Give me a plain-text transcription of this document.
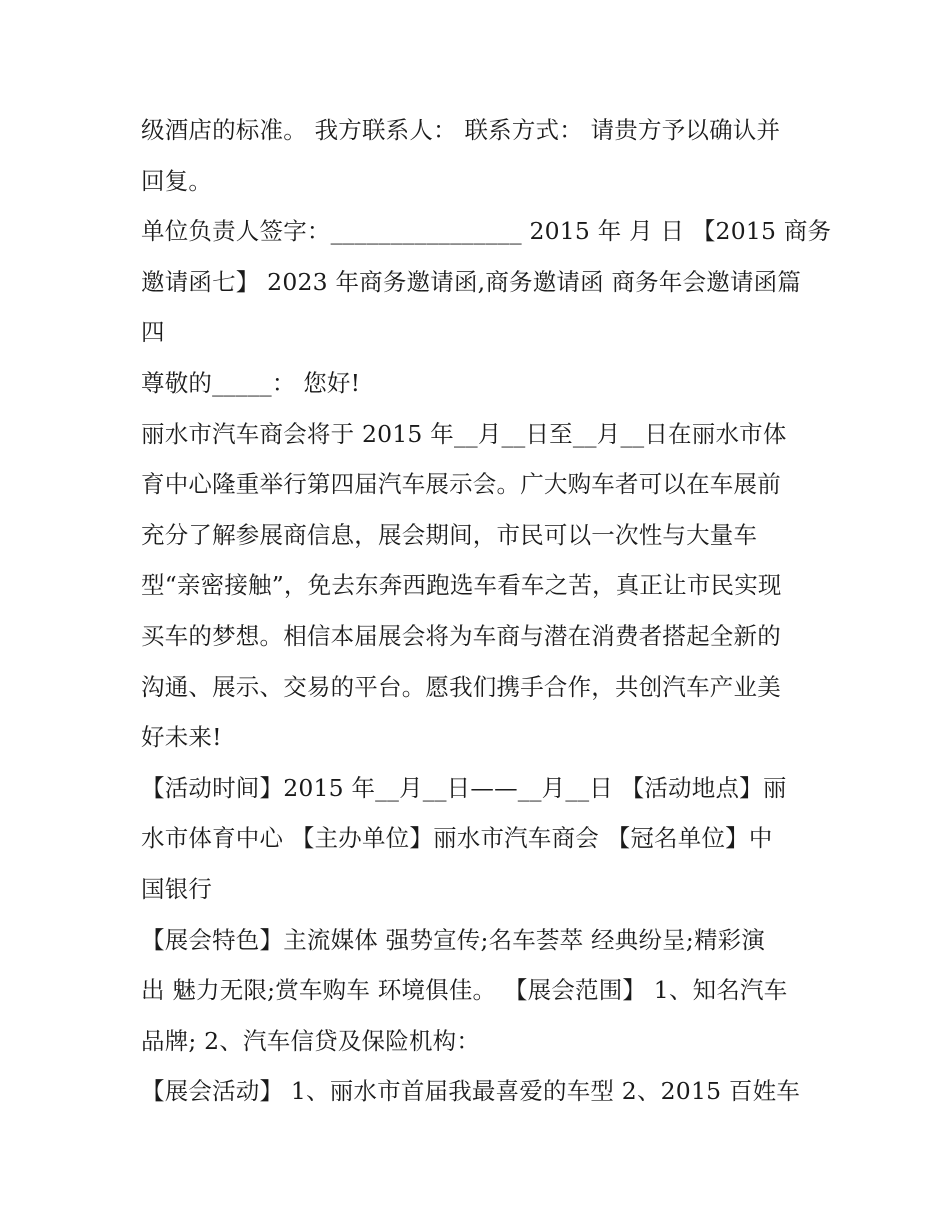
级酒店的标准。 我方联系人： 联系方式： 请贵方予以确认并
回复。
单位负责人签字：________________ 2015 年 月 日 【2015 商务
邀请函七】 2023 年商务邀请函,商务邀请函 商务年会邀请函篇
四
尊敬的_____： 您好!
丽水市汽车商会将于 2015 年__月__日至__月__日在丽水市体
育中心隆重举行第四届汽车展示会。广大购车者可以在车展前
充分了解参展商信息，展会期间，市民可以一次性与大量车
型“亲密接触”，免去东奔西跑选车看车之苦，真正让市民实现
买车的梦想。相信本届展会将为车商与潜在消费者搭起全新的
沟通、展示、交易的平台。愿我们携手合作，共创汽车产业美
好未来!
【活动时间】2015 年__月__日——__月__日 【活动地点】丽
水市体育中心 【主办单位】丽水市汽车商会 【冠名单位】中
国银行
【展会特色】主流媒体 强势宣传;名车荟萃 经典纷呈;精彩演
出 魅力无限;赏车购车 环境俱佳。 【展会范围】 1、知名汽车
品牌; 2、汽车信贷及保险机构：
【展会活动】 1、丽水市首届我最喜爱的车型 2、2015 百姓车
